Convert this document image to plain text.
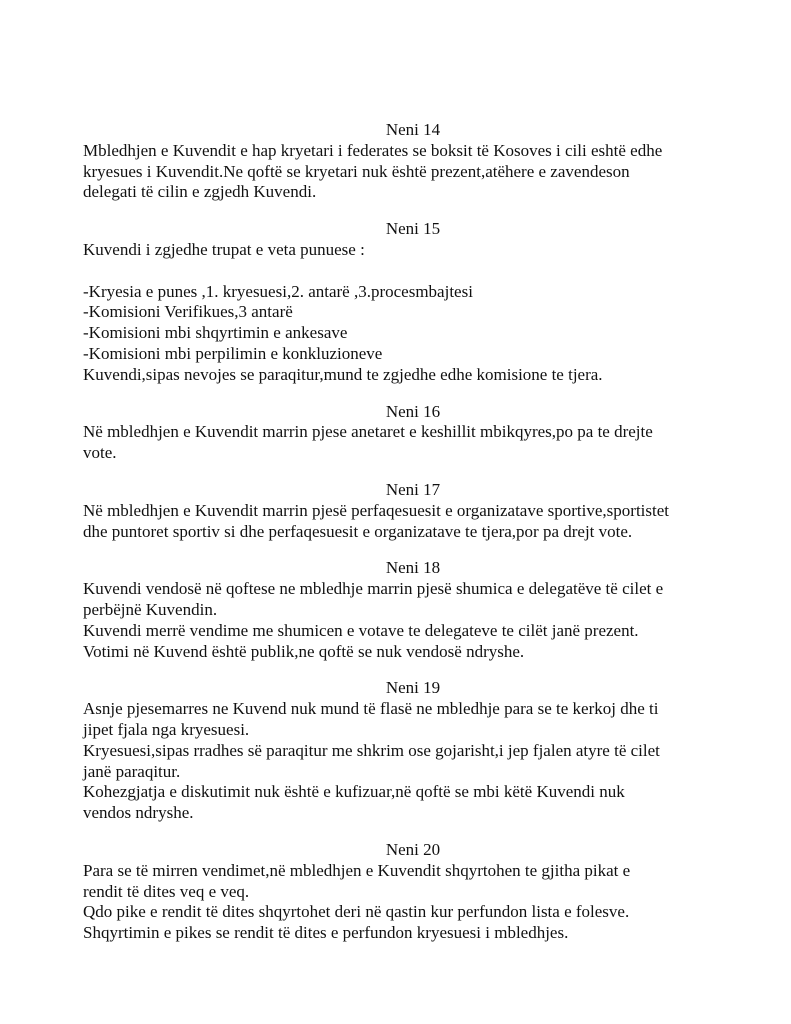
Neni 14

Mbledhjen e Kuvendit e hap kryetari i federates se boksit të Kosoves i cili eshtë edhe

kryesues i Kuvendit.Ne qoftë se kryetari nuk është prezent,atëhere e zavendeson

delegati të cilin e zgjedh Kuvendi.

Neni 15

Kuvendi i zgjedhe trupat e veta punuese :

-Kryesia e punes ,1. kryesuesi,2. antarë ,3.procesmbajtesi

-Komisioni Verifikues,3 antarë

-Komisioni mbi shqyrtimin e ankesave

-Komisioni mbi perpilimin e konkluzioneve

Kuvendi,sipas nevojes se paraqitur,mund te zgjedhe edhe komisione te tjera.

Neni 16

Në mbledhjen e Kuvendit marrin pjese anetaret e keshillit mbikqyres,po pa te drejte

vote.

Neni 17

Në mbledhjen e Kuvendit marrin pjesë perfaqesuesit e organizatave sportive,sportistet

dhe puntoret sportiv si dhe perfaqesuesit e organizatave te tjera,por pa drejt vote.

Neni 18

Kuvendi vendosë në qoftese ne mbledhje marrin pjesë shumica e delegatëve të cilet e

perbëjnë Kuvendin.

Kuvendi merrë vendime me shumicen e votave te delegateve te cilët janë prezent.

Votimi në Kuvend është publik,ne qoftë se nuk vendosë ndryshe.

Neni 19

Asnje pjesemarres ne Kuvend nuk mund të flasë ne mbledhje para se te kerkoj dhe ti

jipet fjala nga kryesuesi.

Kryesuesi,sipas rradhes së paraqitur me shkrim ose gojarisht,i jep fjalen atyre të cilet

janë paraqitur.

Kohezgjatja e diskutimit nuk është e kufizuar,në qoftë se mbi këtë Kuvendi nuk

vendos ndryshe.

Neni 20

Para se të mirren vendimet,në mbledhjen e Kuvendit shqyrtohen te gjitha pikat e

rendit të dites veq e veq.

Qdo pike e rendit të dites shqyrtohet deri në qastin kur perfundon lista e folesve.

Shqyrtimin e pikes se rendit të dites e perfundon kryesuesi i mbledhjes.
